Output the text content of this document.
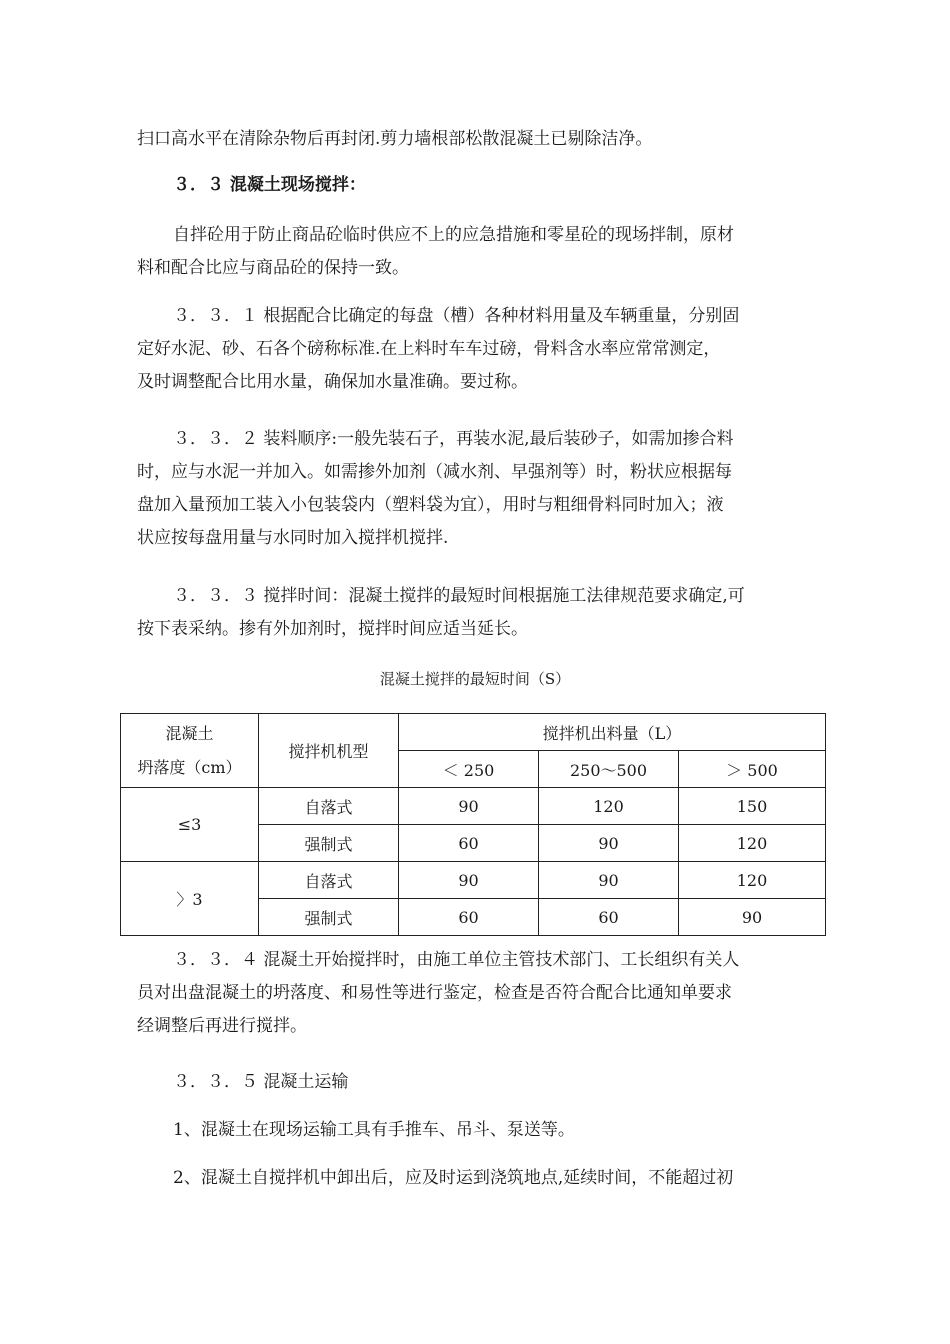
扫口高水平在清除杂物后再封闭.剪力墙根部松散混凝土已剔除洁净。
３．３ 混凝土现场搅拌：
自拌砼用于防止商品砼临时供应不上的应急措施和零星砼的现场拌制，原材
料和配合比应与商品砼的保持一致。
３．３．１ 根据配合比确定的每盘（槽）各种材料用量及车辆重量，分别固
定好水泥、砂、石各个磅称标准.在上料时车车过磅，骨料含水率应常常测定，
及时调整配合比用水量，确保加水量准确。要过称。
３．３．２ 装料顺序:一般先装石子，再装水泥,最后装砂子，如需加掺合料
时，应与水泥一并加入。如需掺外加剂（减水剂、早强剂等）时，粉状应根据每
盘加入量预加工装入小包装袋内（塑料袋为宜），用时与粗细骨料同时加入；液
状应按每盘用量与水同时加入搅拌机搅拌.
３．３．３ 搅拌时间：混凝土搅拌的最短时间根据施工法律规范要求确定,可
按下表采纳。掺有外加剂时，搅拌时间应适当延长。
混凝土搅拌的最短时间（S）
混凝土
坍落度（cm）	搅拌机机型	搅拌机出料量（L）		
		＜ 250	250～500	＞ 500
≤3	自落式	90	120	150
	强制式	60	90	120
〉3	自落式	90	90	120
	强制式	60	60	90
３．３．４ 混凝土开始搅拌时，由施工单位主管技术部门、工长组织有关人
员对出盘混凝土的坍落度、和易性等进行鉴定，检查是否符合配合比通知单要求
经调整后再进行搅拌。
３．３．５ 混凝土运输
1、混凝土在现场运输工具有手推车、吊斗、泵送等。
2、混凝土自搅拌机中卸出后，应及时运到浇筑地点,延续时间，不能超过初
